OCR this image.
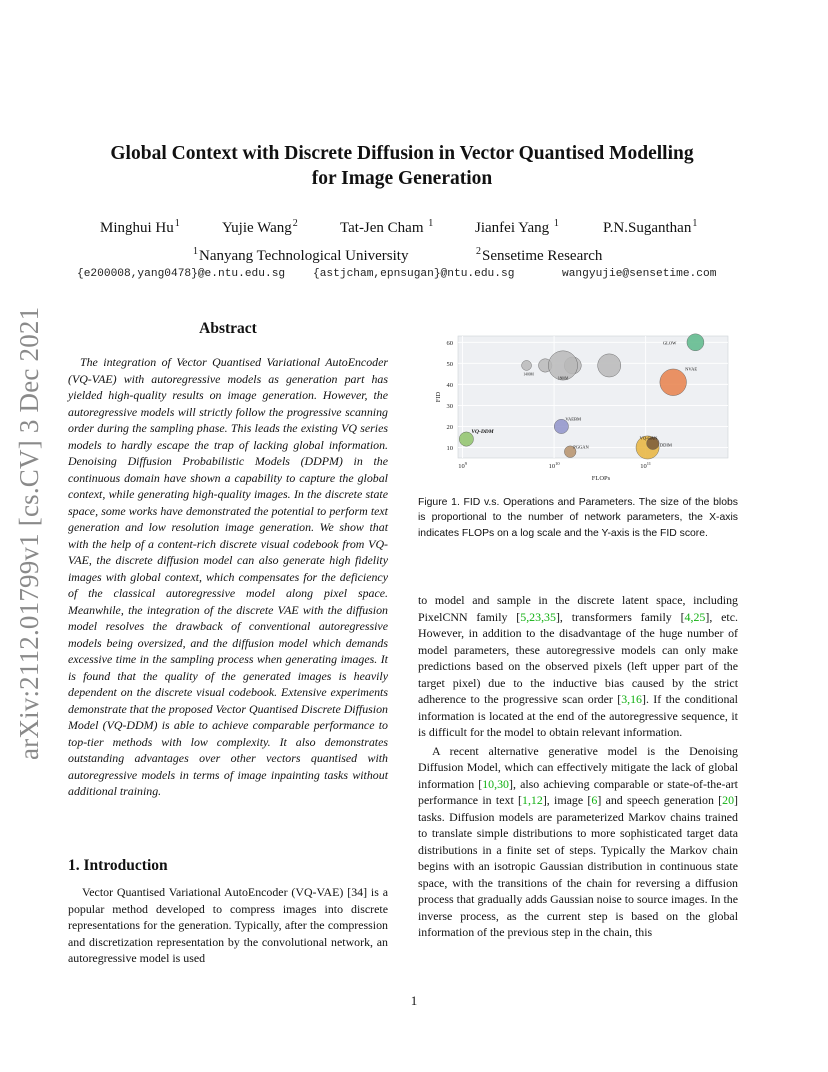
arXiv:2112.01799v1 [cs.CV] 3 Dec 2021
Global Context with Discrete Diffusion in Vector Quantised Modelling
for Image Generation
Minghui Hu$^1$	Yujie Wang$^2$	Tat-Jen Cham $^1$	Jianfei Yang $^1$	P.N.Suganthan$^1$
$^1$Nanyang Technological University	$^2$Sensetime Research
{e200008,yang0478}@e.ntu.edu.sg {astjcham,epnsugan}@ntu.edu.sg	wangyujie@sensetime.com
Abstract
The integration of Vector Quantised Variational AutoEncoder (VQ-VAE) with autoregressive models as generation part has yielded high-quality results on image generation. However, the autoregressive models will strictly follow the progressive scanning order during the sampling phase. This leads the existing VQ series models to hardly escape the trap of lacking global information. Denoising Diffusion Probabilistic Models (DDPM) in the continuous domain have shown a capability to capture the global context, while generating high-quality images. In the discrete state space, some works have demonstrated the potential to perform text generation and low resolution image generation. We show that with the help of a content-rich discrete visual codebook from VQ-VAE, the discrete diffusion model can also generate high fidelity images with global context, which compensates for the deficiency of the classical autoregressive model along pixel space. Meanwhile, the integration of the discrete VAE with the diffusion model resolves the drawback of conventional autoregressive models being oversized, and the diffusion model which demands excessive time in the sampling process when generating images. It is found that the quality of the generated images is heavily dependent on the discrete visual codebook. Extensive experiments demonstrate that the proposed Vector Quantised Discrete Diffusion Model (VQ-DDM) is able to achieve comparable performance to top-tier methods with low complexity. It also demonstrates outstanding advantages over other vectors quantised with autoregressive models in terms of image inpainting tasks without additional training.
1. Introduction
Vector Quantised Variational AutoEncoder (VQ-VAE) [34] is a popular method developed to compress images into discrete representations for the generation. Typically, after the compression and discretization representation by the convolutional network, an autoregressive model is used
10
20
30
40
50
60
$10^9$	$10^{10}$	$10^{11}$
FID
FLOPs
GLOW
NVAE
VAEBM
VQ-DDM
PGGAN
VQ-GAN
DDIM
1400M
1800M
Figure 1. FID v.s. Operations and Parameters. The size of the blobs is proportional to the number of network parameters, the X-axis indicates FLOPs on a log scale and the Y-axis is the FID score.

to model and sample in the discrete latent space, including PixelCNN family [5,23,35], transformers family [4,25], etc. However, in addition to the disadvantage of the huge number of model parameters, these autoregressive models can only make predictions based on the observed pixels (left upper part of the target pixel) due to the inductive bias caused by the strict adherence to the progressive scan order [3,16]. If the conditional information is located at the end of the autoregressive sequence, it is difficult for the model to obtain relevant information.

A recent alternative generative model is the Denoising Diffusion Model, which can effectively mitigate the lack of global information [10,30], also achieving comparable or state-of-the-art performance in text [1,12], image [6] and speech generation [20] tasks. Diffusion models are parameterized Markov chains trained to translate simple distributions to more sophisticated target data distributions in a finite set of steps. Typically the Markov chain begins with an isotropic Gaussian distribution in continuous state space, with the transitions of the chain for reversing a diffusion process that gradually adds Gaussian noise to source images. In the inverse process, as the current step is based on the global information of the previous step in the chain, this

1
